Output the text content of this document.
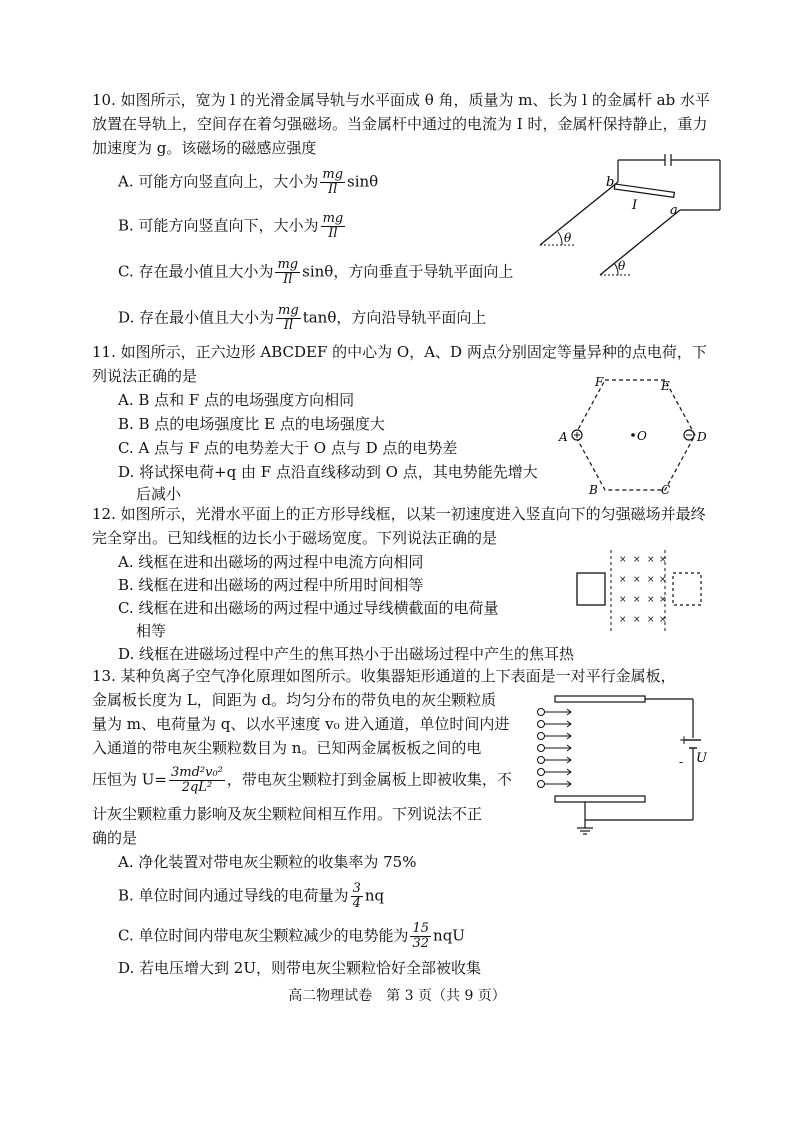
10. 如图所示，宽为 l 的光滑金属导轨与水平面成 θ 角，质量为 m、长为 l 的金属杆 ab 水平放置在导轨上，空间存在着匀强磁场。当金属杆中通过的电流为 I 时，金属杆保持静止，重力加速度为 g。该磁场的磁感应强度
A. 可能方向竖直向上，大小为 $\frac{mg}{Il}$ sinθ
B. 可能方向竖直向下，大小为 $\frac{mg}{Il}$
C. 存在最小值且大小为 $\frac{mg}{Il}$ sinθ，方向垂直于导轨平面向上
D. 存在最小值且大小为 $\frac{mg}{Il}$ tanθ，方向沿导轨平面向上
b
a
I
θ
θ
11. 如图所示，正六边形 ABCDEF 的中心为 O，A、D 两点分别固定等量异种的点电荷，下列说法正确的是
A. B 点和 F 点的电场强度方向相同
B. B 点的电场强度比 E 点的电场强度大
C. A 点与 F 点的电势差大于 O 点与 D 点的电势差
D. 将试探电荷+q 由 F 点沿直线移动到 O 点，其电势能先增大
后减小
F	E
A	O	D
B	C
12. 如图所示，光滑水平面上的正方形导线框，以某一初速度进入竖直向下的匀强磁场并最终完全穿出。已知线框的边长小于磁场宽度。下列说法正确的是
A. 线框在进和出磁场的两过程中电流方向相同
B. 线框在进和出磁场的两过程中所用时间相等
C. 线框在进和出磁场的两过程中通过导线横截面的电荷量
相等
D. 线框在进磁场过程中产生的焦耳热小于出磁场过程中产生的焦耳热
× × × ×
× × × ×
× × × ×
× × × ×
13. 某种负离子空气净化原理如图所示。收集器矩形通道的上下表面是一对平行金属板，
金属板长度为 L，间距为 d。均匀分布的带负电的灰尘颗粒质
量为 m、电荷量为 q、以水平速度 v₀ 进入通道，单位时间内进
入通道的带电灰尘颗粒数目为 n。已知两金属板板之间的电
压恒为 $U= \frac{\text{3md²v₀²}}{\text{2qL²}}$ ，带电灰尘颗粒打到金属板上即被收集，不
计灰尘颗粒重力影响及灰尘颗粒间相互作用。下列说法不正
确的是
A. 净化装置对带电灰尘颗粒的收集率为 75%
B. 单位时间内通过导线的电荷量为 $\frac{3}{4}$ nq
C. 单位时间内带电灰尘颗粒减少的电势能为 $\frac{15}{32}$ nqU
D. 若电压增大到 2U，则带电灰尘颗粒恰好全部被收集
+
- U
高二物理试卷　第 3 页（共 9 页）
